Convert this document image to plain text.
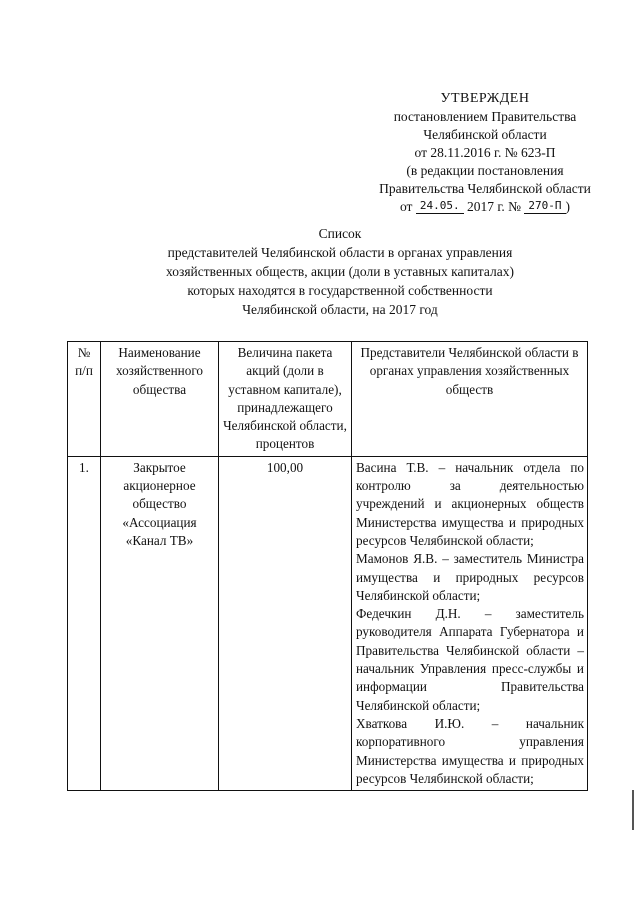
УТВЕРЖДЕН
постановлением Правительства
Челябинской области
от 28.11.2016 г. № 623-П
(в редакции постановления
Правительства Челябинской области
от 24.05. 2017 г. № 270-П )
Список
представителей Челябинской области в органах управления
хозяйственных обществ, акции (доли в уставных капиталах)
которых находятся в государственной собственности
Челябинской области, на 2017 год
№ п/п	Наименование хозяйственного общества	Величина пакета акций (доли в уставном капитале), принадлежащего Челябинской области, процентов	Представители Челябинской области в органах управления хозяйственных обществ
1.	Закрытое акционерное общество «Ассоциация «Канал ТВ»	100,00	Васина Т.В. – начальник отдела по контролю за деятельностью учреждений и акционерных обществ Министерства имущества и природных ресурсов Челябинской области;
Мамонов Я.В. – заместитель Министра имущества и природных ресурсов Челябинской области;
Федечкин Д.Н. – заместитель руководителя Аппарата Губернатора и Правительства Челябинской области – начальник Управления пресс-службы и информации Правительства Челябинской области;
Хваткова И.Ю. – начальник корпоративного управления Министерства имущества и природных ресурсов Челябинской области;
